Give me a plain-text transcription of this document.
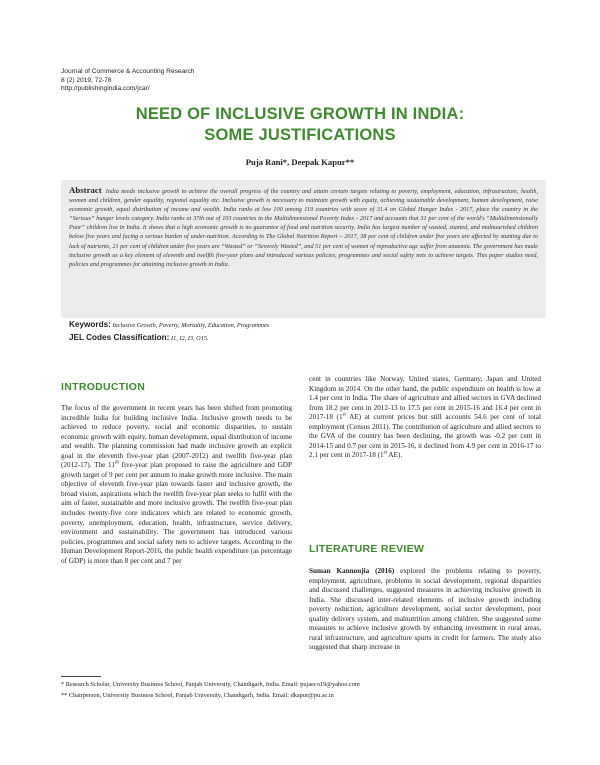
Journal of Commerce & Accounting Research
8 (2) 2019, 72-78
http://publishingindia.com/jcar/
NEED OF INCLUSIVE GROWTH IN INDIA:
SOME JUSTIFICATIONS
Puja Rani*, Deepak Kapur**

Abstract India needs inclusive growth to achieve the overall progress of the country and attain certain targets relating to poverty, employment, education, infrastructure, health, women and children, gender equality, regional equality etc. Inclusive growth is necessary to maintain growth with equity, achieving sustainable development, human development, raise economic growth, equal distribution of income and wealth. India ranks at low 100 among 119 countries with score of 31.4 on Global Hunger Index - 2017, place the country in the “Serious” hunger levels category. India ranks at 37th out of 103 countries in the Multidimensional Poverty Index - 2017 and accounts that 31 per cent of the world's “Multidimensionally Poor” children live in India. It shows that a high economic growth is no guarantee of food and nutrition security. India has largest number of wasted, stunted, and malnourished children below five years and facing a serious burden of under-nutrition. According to The Global Nutrition Report – 2017, 38 per cent of children under five years are affected by stunting due to lack of nutrients, 21 per cent of children under five years are “Wasted” or “Severely Wasted”, and 51 per cent of women of reproductive age suffer from anaemia. The government has made inclusive growth as a key element of eleventh and twelfth five-year plans and introduced various policies, programmes and social safety nets to achieve targets. This paper studies need, policies and programmes for attaining inclusive growth in India.

Keywords: Inclusive Growth, Poverty, Mortality, Education, Programmes
JEL Codes Classification: I1, I2, I3, O15.
INTRODUCTION

The focus of the government in recent years has been shifted from promoting incredible India for building inclusive India. Inclusive growth needs to be achieved to reduce poverty, social and economic disparities, to sustain economic growth with equity, human development, equal distribution of income and wealth. The planning commission had made inclusive growth an explicit goal in the eleventh five-year plan (2007-2012) and twelfth five-year plan (2012-17). The 11th five-year plan proposed to raise the agriculture and GDP growth target of 9 per cent per annum to make growth more inclusive. The main objective of eleventh five-year plan towards faster and inclusive growth, the broad vision, aspirations which the twelfth five-year plan seeks to fulfil with the aim of faster, sustainable and more inclusive growth. The twelfth five-year plan includes twenty-five core indicators which are related to economic growth, poverty, unemployment, education, health, infrastructure, service delivery, environment and sustainability. The government has introduced various policies, programmes and social safety nets to achieve targets. According to the Human Development Report-2016, the public health expenditure (as percentage of GDP) is more than 8 per cent and 7 per

cent in countries like Norway, United states, Germany, Japan and United Kingdom in 2014. On the other hand, the public expenditure on health is low at 1.4 per cent in India. The share of agriculture and allied sectors in GVA declined from 18.2 per cent in 2012-13 to 17.5 per cent in 2015-16 and 16.4 per cent in 2017-18 (1st AE) at current prices but still accounts 54.6 per cent of total employment (Census 2011). The contribution of agriculture and allied sectors to the GVA of the country has been declining, the growth was -0.2 per cent in 2014-15 and 0.7 per cent in 2015-16, it declined from 4.9 per cent in 2016-17 to 2.1 per cent in 2017-18 (1st AE).

LITERATURE REVIEW

Suman Kannoujia (2016) explored the problems relating to poverty, employment, agriculture, problems in social development, regional disparities and discussed challenges, suggested measures in achieving inclusive growth in India. She discussed inter-related elements of inclusive growth including poverty reduction, agriculture development, social sector development, poor quality delivery system, and malnutrition among children. She suggested some measures to achieve inclusive growth by enhancing investment in rural areas, rural infrastructure, and agriculture spurts in credit for farmers. The study also suggested that sharp increase in

* Research Scholar, University Business School, Panjab University, Chandigarh, India. Email: pujaeco19@yahoo.com
** Chairperson, University Business School, Panjab University, Chandigarh, India. Email: dkapur@pu.ac.in
